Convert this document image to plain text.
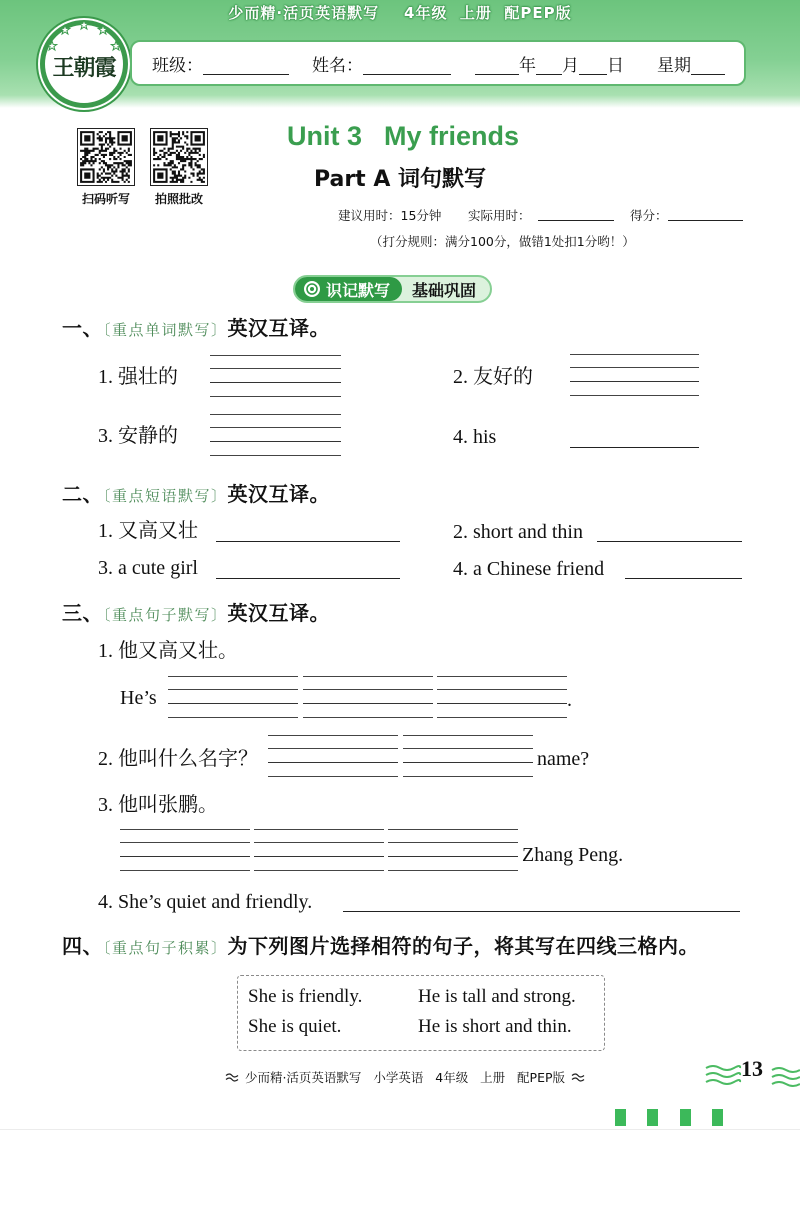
少而精·活页英语默写    4年级  上册  配PEP版
王朝霞 班级：	姓名：	年 月 日 星期
扫码听写 拍照批改
Unit 3 My friends
Part A 词句默写
建议用时：15分钟 实际用时：	得分：
（打分规则：满分100分，做错1处扣1分哟！）
识记默写 基础巩固
一、〔重点单词默写〕英汉互译。
1. 强壮的	2. 友好的
3. 安静的	4. his
二、〔重点短语默写〕英汉互译。
1. 又高又壮	2. short and thin
3. a cute girl	4. a Chinese friend
三、〔重点句子默写〕英汉互译。
1. 他又高又壮。
He’s	.
2. 他叫什么名字？	name?
3. 他叫张鹏。
Zhang Peng.
4. She’s quiet and friendly.
四、〔重点句子积累〕为下列图片选择相符的句子，将其写在四线三格内。
She is friendly.	He is tall and strong.
She is quiet.	He is short and thin.
少而精·活页英语默写   小学英语   4年级   上册   配PEP版	13
